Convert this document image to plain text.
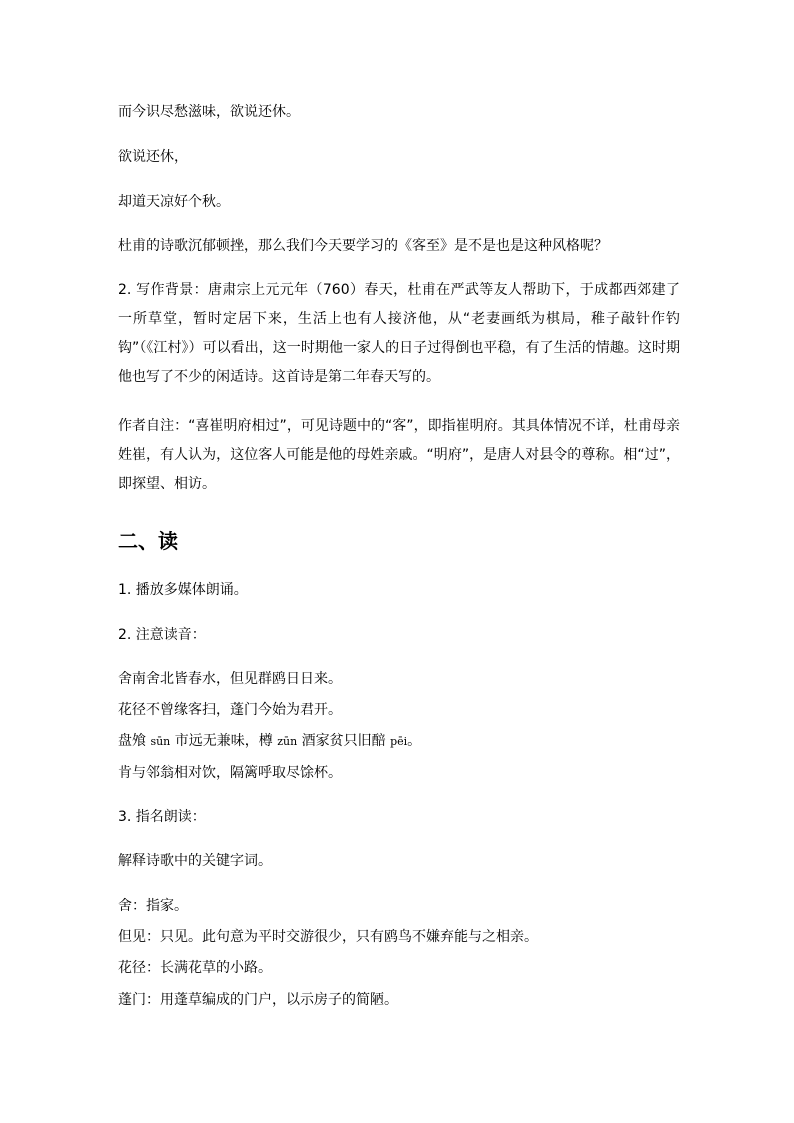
而今识尽愁滋味，欲说还休。

欲说还休，

却道天凉好个秋。

杜甫的诗歌沉郁顿挫，那么我们今天要学习的《客至》是不是也是这种风格呢？

2. 写作背景：唐肃宗上元元年（760）春天，杜甫在严武等友人帮助下，于成都西郊建了一所草堂，暂时定居下来，生活上也有人接济他，从“老妻画纸为棋局，稚子敲针作钓钩”（《江村》）可以看出，这一时期他一家人的日子过得倒也平稳，有了生活的情趣。这时期他也写了不少的闲适诗。这首诗是第二年春天写的。

作者自注：“喜崔明府相过”，可见诗题中的“客”，即指崔明府。其具体情况不详，杜甫母亲姓崔，有人认为，这位客人可能是他的母姓亲戚。“明府”，是唐人对县令的尊称。相“过”，即探望、相访。

二、读

1. 播放多媒体朗诵。

2. 注意读音：

舍南舍北皆春水，但见群鸥日日来。

花径不曾缘客扫，蓬门今始为君开。

盘飧 sūn 市远无兼味，樽 zūn 酒家贫只旧醅 pēi。

肯与邻翁相对饮，隔篱呼取尽馀杯。

3. 指名朗读：

解释诗歌中的关键字词。

舍：指家。

但见：只见。此句意为平时交游很少，只有鸥鸟不嫌弃能与之相亲。

花径：长满花草的小路。

蓬门：用蓬草编成的门户，以示房子的简陋。
